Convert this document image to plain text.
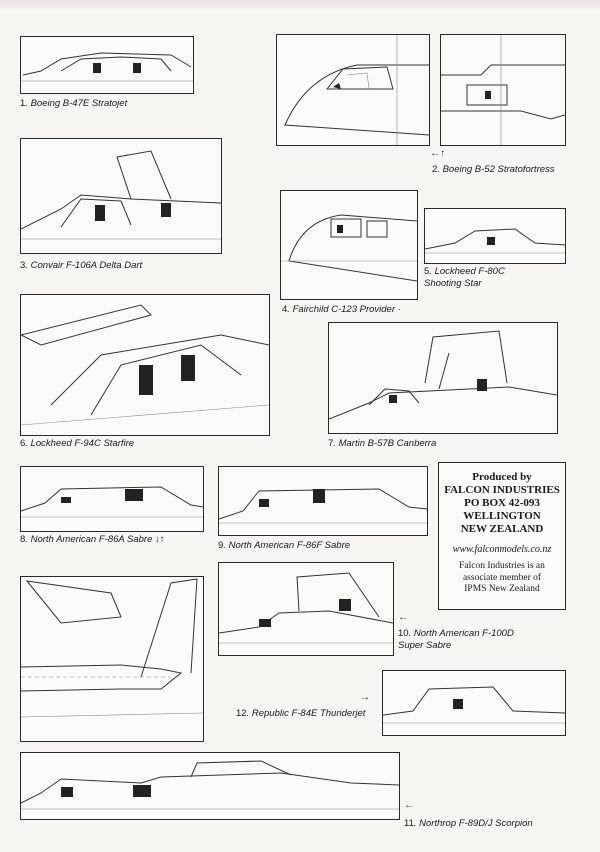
1. Boeing B-47E Stratojet
←↑
2. Boeing B-52 Stratofortress
3. Convair F-106A Delta Dart
4. Fairchild C-123 Provider ·
5. Lockheed F-80C
Shooting Star
6. Lockheed F-94C Starfire	7. Martin B-57B Canberra
8. North American F-86A Sabre ↓↑
9. North American F-86F Sabre
Produced by
FALCON INDUSTRIES
PO BOX 42-093
WELLINGTON
NEW ZEALAND
www.falconmodels.co.nz
Falcon Industries is an
associate member of
IPMS New Zealand
←
10. North American F-100D
Super Sabre
→
12. Republic F-84E Thunderjet
←
11. Northrop F-89D/J Scorpion
